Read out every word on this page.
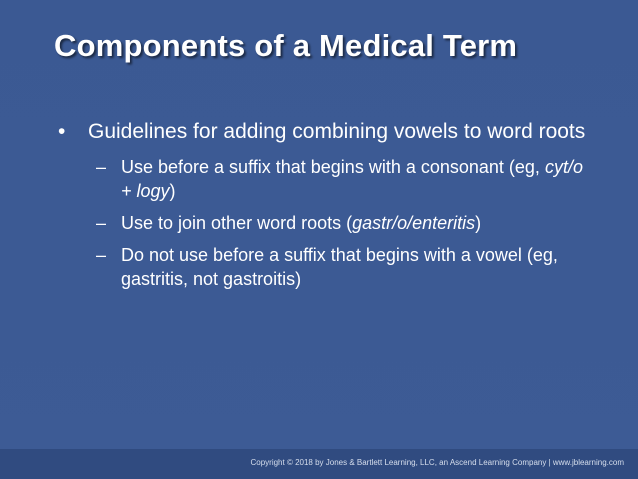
Components of a Medical Term
• Guidelines for adding combining vowels to word roots
– Use before a suffix that begins with a consonant (eg, cyt/o + logy)
– Use to join other word roots (gastr/o/enteritis)
– Do not use before a suffix that begins with a vowel (eg, gastritis, not gastroitis)
Copyright © 2018 by Jones & Bartlett Learning, LLC, an Ascend Learning Company | www.jblearning.com
